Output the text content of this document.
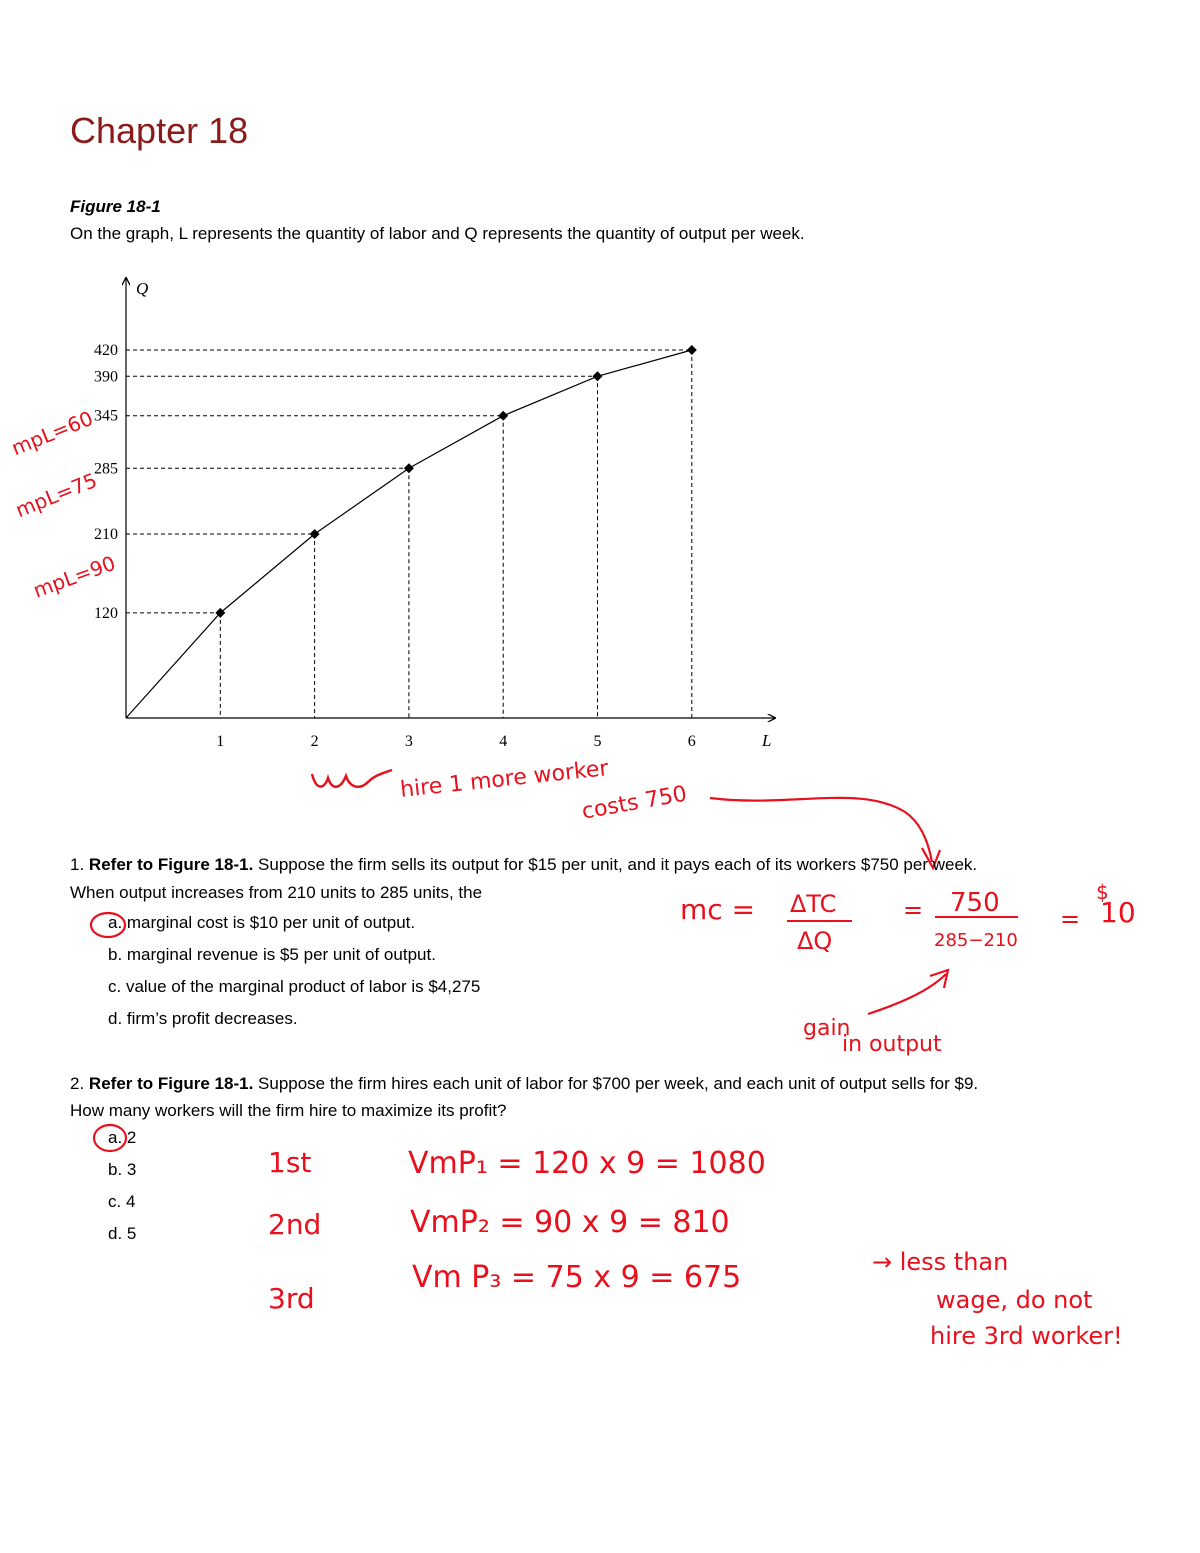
Chapter 18
Figure 18-1
On the graph, L represents the quantity of labor and Q represents the quantity of output per week.
Q
L
1	2	3	4	5	6
120
210
285
345
390
420
mpL=60
mpL=75
mpL=90
hire 1 more worker
costs 750
1. Refer to Figure 18-1. Suppose the firm sells its output for $15 per unit, and it pays each of its workers $750 per week.
When output increases from 210 units to 285 units, the
a. marginal cost is $10 per unit of output.
b. marginal revenue is $5 per unit of output.
c. value of the marginal product of labor is $4,275
d. firm’s profit decreases.
mc = ΔTC
ΔQ
= 750
285−210
=
$
10
gain
in output
2. Refer to Figure 18-1. Suppose the firm hires each unit of labor for $700 per week, and each unit of output sells for $9.
How many workers will the firm hire to maximize its profit?
a. 2
b. 3
c. 4
d. 5
1st
2nd
3rd
VmP₁ = 120 x 9 = 1080
VmP₂ = 90 x 9 = 810
Vm P₃ = 75 x 9 = 675	→ less than
wage, do not
hire 3rd worker!
